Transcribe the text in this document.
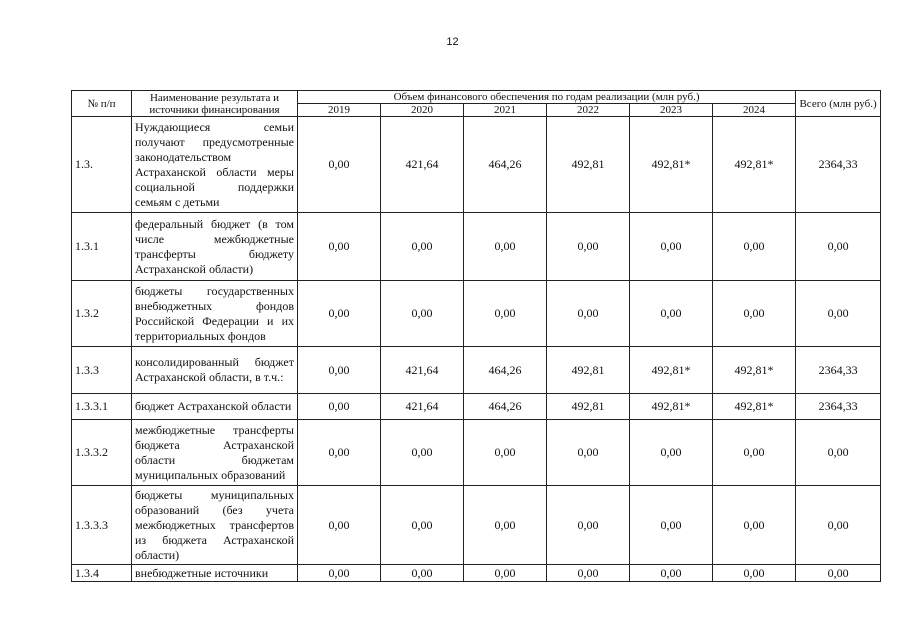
12
№ п/п	Наименование результата и источники финансирования	Объем финансового обеспечения по годам реализации (млн руб.)						Всего (млн руб.)
		2019	2020	2021	2022	2023	2024	
1.3.	Нуждающиеся семьи получают предусмотренные законодательством Астраханской области меры социальной поддержки семьям с детьми	0,00	421,64	464,26	492,81	492,81*	492,81*	2364,33
1.3.1	федеральный бюджет (в том числе межбюджетные трансферты бюджету Астраханской области)	0,00	0,00	0,00	0,00	0,00	0,00	0,00
1.3.2	бюджеты государственных внебюджетных фондов Российской Федерации и их территориальных фондов	0,00	0,00	0,00	0,00	0,00	0,00	0,00
1.3.3	консолидированный бюджет Астраханской области, в т.ч.:	0,00	421,64	464,26	492,81	492,81*	492,81*	2364,33
1.3.3.1	бюджет Астраханской области	0,00	421,64	464,26	492,81	492,81*	492,81*	2364,33
1.3.3.2	межбюджетные трансферты бюджета Астраханской области бюджетам муниципальных образований	0,00	0,00	0,00	0,00	0,00	0,00	0,00
1.3.3.3	бюджеты муниципальных образований (без учета межбюджетных трансфертов из бюджета Астраханской области)	0,00	0,00	0,00	0,00	0,00	0,00	0,00
1.3.4	внебюджетные источники	0,00	0,00	0,00	0,00	0,00	0,00	0,00
